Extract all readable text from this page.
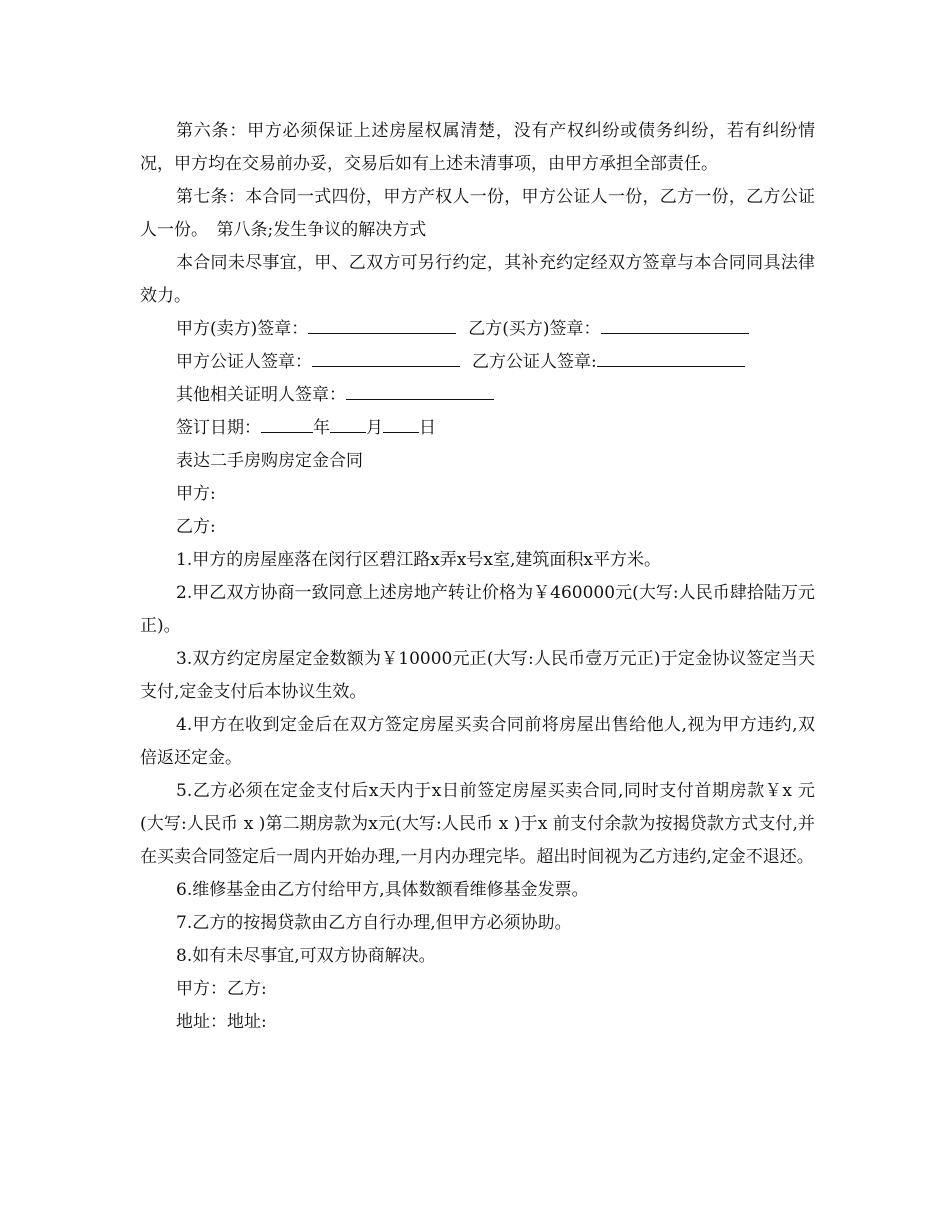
第六条：甲方必须保证上述房屋权属清楚，没有产权纠纷或债务纠纷，若有纠纷情况，甲方均在交易前办妥，交易后如有上述未清事项，由甲方承担全部责任。

第七条：本合同一式四份，甲方产权人一份，甲方公证人一份，乙方一份，乙方公证人一份。　第八条;发生争议的解决方式

本合同未尽事宜，甲、乙双方可另行约定，其补充约定经双方签章与本合同同具法律效力。

甲方(卖方)签章：	乙方(买方)签章：

甲方公证人签章：	乙方公证人签章:

其他相关证明人签章：

签订日期：	年 月 日

表达二手房购房定金合同

甲方:

乙方:

1.甲方的房屋座落在闵行区碧江路x弄x号x室,建筑面积x平方米。

2.甲乙双方协商一致同意上述房地产转让价格为￥460000元(大写:人民币肆拾陆万元正)。

3.双方约定房屋定金数额为￥10000元正(大写:人民币壹万元正)于定金协议签定当天支付,定金支付后本协议生效。

4.甲方在收到定金后在双方签定房屋买卖合同前将房屋出售给他人,视为甲方违约,双倍返还定金。

5.乙方必须在定金支付后x天内于x日前签定房屋买卖合同,同时支付首期房款￥x 元(大写:人民币 x )第二期房款为x元(大写:人民币 x )于x 前支付余款为按揭贷款方式支付,并在买卖合同签定后一周内开始办理,一月内办理完毕。超出时间视为乙方违约,定金不退还。

6.维修基金由乙方付给甲方,具体数额看维修基金发票。

7.乙方的按揭贷款由乙方自行办理,但甲方必须协助。

8.如有未尽事宜,可双方协商解决。

甲方：乙方:

地址：地址:
